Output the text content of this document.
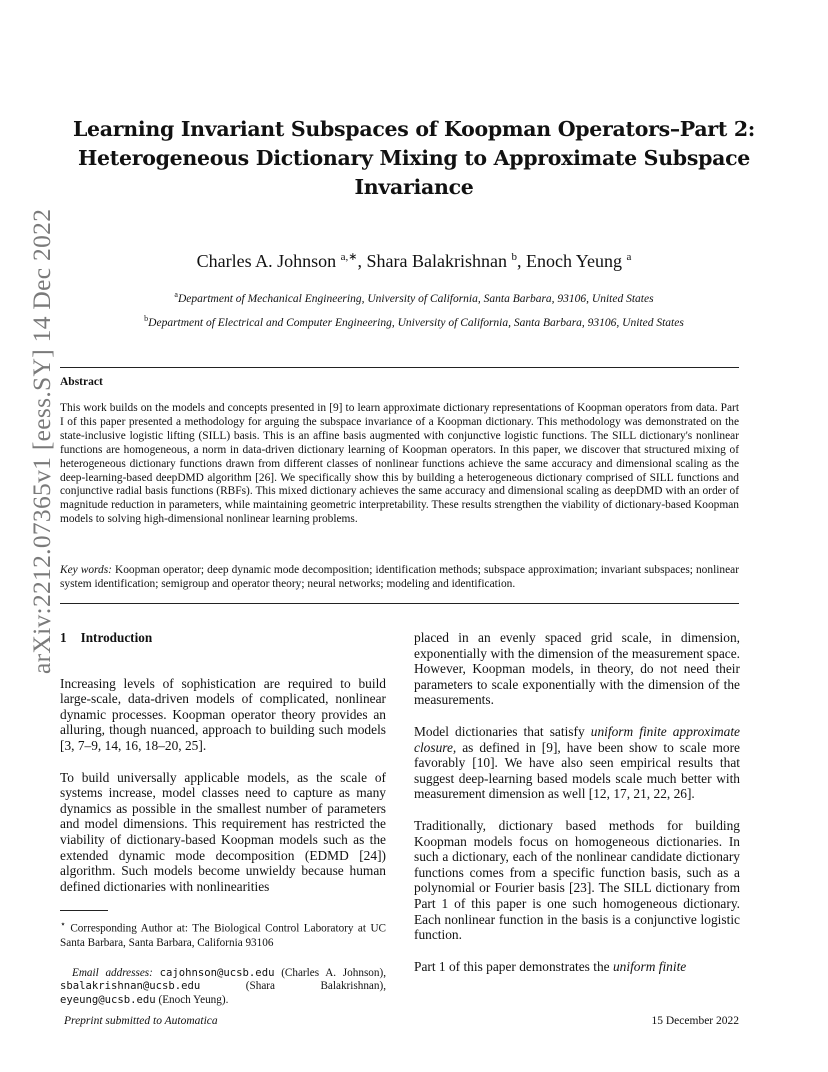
arXiv:2212.07365v1 [eess.SY] 14 Dec 2022
Learning Invariant Subspaces of Koopman Operators–Part 2:
Heterogeneous Dictionary Mixing to Approximate Subspace
Invariance
Charles A. Johnson $^{a,∗}$, Shara Balakrishnan $^b$, Enoch Yeung $^a$
$^a$Department of Mechanical Engineering, University of California, Santa Barbara, 93106, United States
$^b$Department of Electrical and Computer Engineering, University of California, Santa Barbara, 93106, United States
Abstract

This work builds on the models and concepts presented in [9] to learn approximate dictionary representations of Koopman operators from data. Part I of this paper presented a methodology for arguing the subspace invariance of a Koopman dictionary. This methodology was demonstrated on the state-inclusive logistic lifting (SILL) basis. This is an affine basis augmented with conjunctive logistic functions. The SILL dictionary's nonlinear functions are homogeneous, a norm in data-driven dictionary learning of Koopman operators. In this paper, we discover that structured mixing of heterogeneous dictionary functions drawn from different classes of nonlinear functions achieve the same accuracy and dimensional scaling as the deep-learning-based deepDMD algorithm [26]. We specifically show this by building a heterogeneous dictionary comprised of SILL functions and conjunctive radial basis functions (RBFs). This mixed dictionary achieves the same accuracy and dimensional scaling as deepDMD with an order of magnitude reduction in parameters, while maintaining geometric interpretability. These results strengthen the viability of dictionary-based Koopman models to solving high-dimensional nonlinear learning problems.

Key words: Koopman operator; deep dynamic mode decomposition; identification methods; subspace approximation; invariant subspaces; nonlinear system identification; semigroup and operator theory; neural networks; modeling and identification.

1 Introduction

Increasing levels of sophistication are required to build large-scale, data-driven models of complicated, nonlinear dynamic processes. Koopman operator theory provides an alluring, though nuanced, approach to building such models [3, 7–9, 14, 16, 18–20, 25].

To build universally applicable models, as the scale of systems increase, model classes need to capture as many dynamics as possible in the smallest number of parameters and model dimensions. This requirement has restricted the viability of dictionary-based Koopman models such as the extended dynamic mode decomposition (EDMD [24]) algorithm. Such models become unwieldy because human defined dictionaries with nonlinearities

⋆ Corresponding Author at: The Biological Control Laboratory at UC Santa Barbara, Santa Barbara, California 93106

Email addresses: cajohnson@ucsb.edu (Charles A. Johnson), sbalakrishnan@ucsb.edu	(Shara Balakrishnan), eyeung@ucsb.edu (Enoch Yeung).

placed in an evenly spaced grid scale, in dimension, exponentially with the dimension of the measurement space. However, Koopman models, in theory, do not need their parameters to scale exponentially with the dimension of the measurements.

Model dictionaries that satisfy uniform finite approximate closure, as defined in [9], have been show to scale more favorably [10]. We have also seen empirical results that suggest deep-learning based models scale much better with measurement dimension as well [12, 17, 21, 22, 26].

Traditionally, dictionary based methods for building Koopman models focus on homogeneous dictionaries. In such a dictionary, each of the nonlinear candidate dictionary functions comes from a specific function basis, such as a polynomial or Fourier basis [23]. The SILL dictionary from Part 1 of this paper is one such homogeneous dictionary. Each nonlinear function in the basis is a conjunctive logistic function.

Part 1 of this paper demonstrates the uniform finite

Preprint submitted to Automatica	15 December 2022
